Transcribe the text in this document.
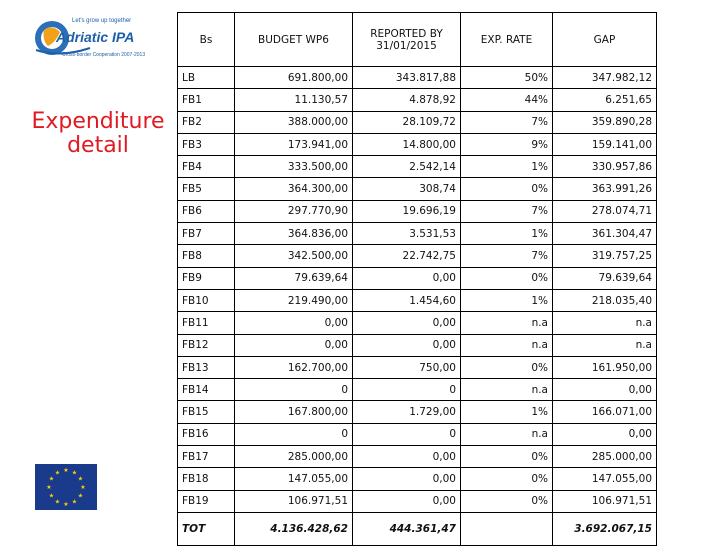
Let's grow up together
Adriatic IPA
Cross-border Cooperation 2007-2013
Expenditure detail
★ ★
★
★
★
★
★
★
★
★
★
★
Bs	BUDGET WP6	REPORTED BY 31/01/2015	EXP. RATE	GAP
LB	691.800,00	343.817,88	50%	347.982,12
FB1	11.130,57	4.878,92	44%	6.251,65
FB2	388.000,00	28.109,72	7%	359.890,28
FB3	173.941,00	14.800,00	9%	159.141,00
FB4	333.500,00	2.542,14	1%	330.957,86
FB5	364.300,00	308,74	0%	363.991,26
FB6	297.770,90	19.696,19	7%	278.074,71
FB7	364.836,00	3.531,53	1%	361.304,47
FB8	342.500,00	22.742,75	7%	319.757,25
FB9	79.639,64	0,00	0%	79.639,64
FB10	219.490,00	1.454,60	1%	218.035,40
FB11	0,00	0,00	n.a	n.a
FB12	0,00	0,00	n.a	n.a
FB13	162.700,00	750,00	0%	161.950,00
FB14	0	0	n.a	0,00
FB15	167.800,00	1.729,00	1%	166.071,00
FB16	0	0	n.a	0,00
FB17	285.000,00	0,00	0%	285.000,00
FB18	147.055,00	0,00	0%	147.055,00
FB19	106.971,51	0,00	0%	106.971,51
TOT	4.136.428,62	444.361,47		3.692.067,15
